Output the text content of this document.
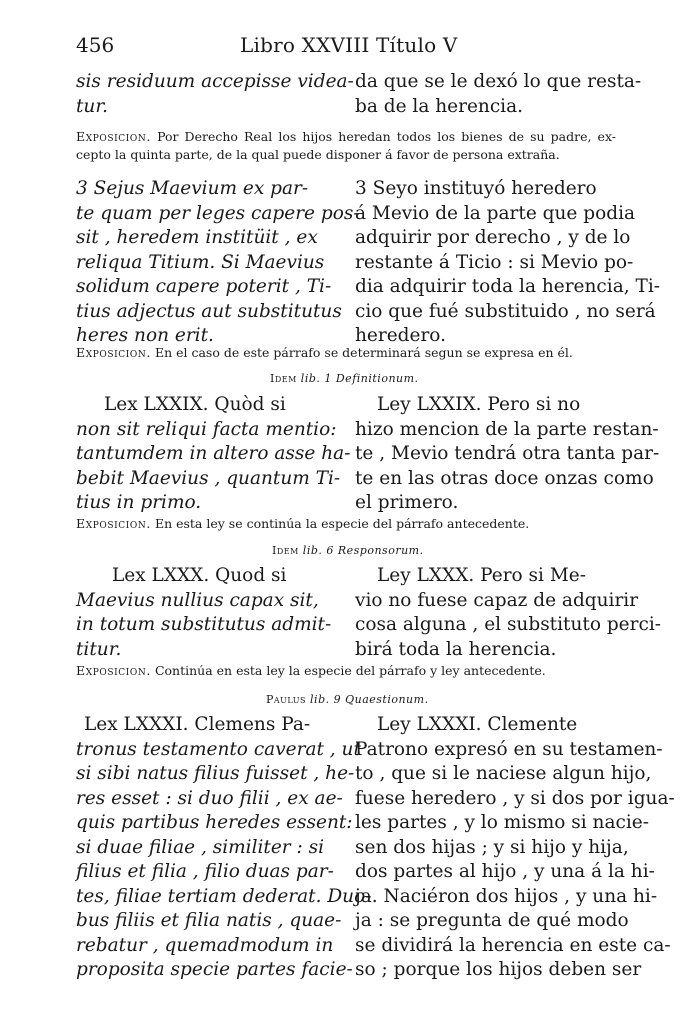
456	Libro XXVIII Título V
sis residuum accepisse videa-
tur.
da que se le dexó lo que resta-
ba de la herencia.
Exposicion. Por Derecho Real los hijos heredan todos los bienes de su padre, ex-cepto la quinta parte, de la qual puede disponer á favor de persona extraña.
3 Sejus Maevium ex par-
te quam per leges capere pos-
sit , heredem institüit , ex
reliqua Titium. Si Maevius
solidum capere poterit , Ti-
tius adjectus aut substitutus
heres non erit.
3 Seyo instituyó heredero
á Mevio de la parte que podia
adquirir por derecho , y de lo
restante á Ticio : si Mevio po-
dia adquirir toda la herencia, Ti-
cio que fué substituido , no será
heredero.
Exposicion. En el caso de este párrafo se determinará segun se expresa en él.
Idem lib. 1 Definitionum.
Lex LXXIX. Quòd si
non sit reliqui facta mentio:
tantumdem in altero asse ha-
bebit Maevius , quantum Ti-
tius in primo.
Ley LXXIX. Pero si no
hizo mencion de la parte restan-
te , Mevio tendrá otra tanta par-
te en las otras doce onzas como
el primero.
Exposicion. En esta ley se continúa la especie del párrafo antecedente.
Idem lib. 6 Responsorum.
Lex LXXX. Quod si
Maevius nullius capax sit,
in totum substitutus admit-
titur.
Ley LXXX. Pero si Me-
vio no fuese capaz de adquirir
cosa alguna , el substituto perci-
birá toda la herencia.
Exposicion. Continúa en esta ley la especie del párrafo y ley antecedente.
Paulus lib. 9 Quaestionum.
Lex LXXXI. Clemens Pa-
tronus testamento caverat , ut
si sibi natus filius fuisset , he-
res esset : si duo filii , ex ae-
quis partibus heredes essent:
si duae filiae , similiter : si
filius et filia , filio duas par-
tes, filiae tertiam dederat. Duo-
bus filiis et filia natis , quae-
rebatur , quemadmodum in
proposita specie partes facie-
Ley LXXXI. Clemente
Patrono expresó en su testamen-
to , que si le naciese algun hijo,
fuese heredero , y si dos por igua-
les partes , y lo mismo si nacie-
sen dos hijas ; y si hijo y hija,
dos partes al hijo , y una á la hi-
ja. Naciéron dos hijos , y una hi-
ja : se pregunta de qué modo
se dividirá la herencia en este ca-
so ; porque los hijos deben ser
